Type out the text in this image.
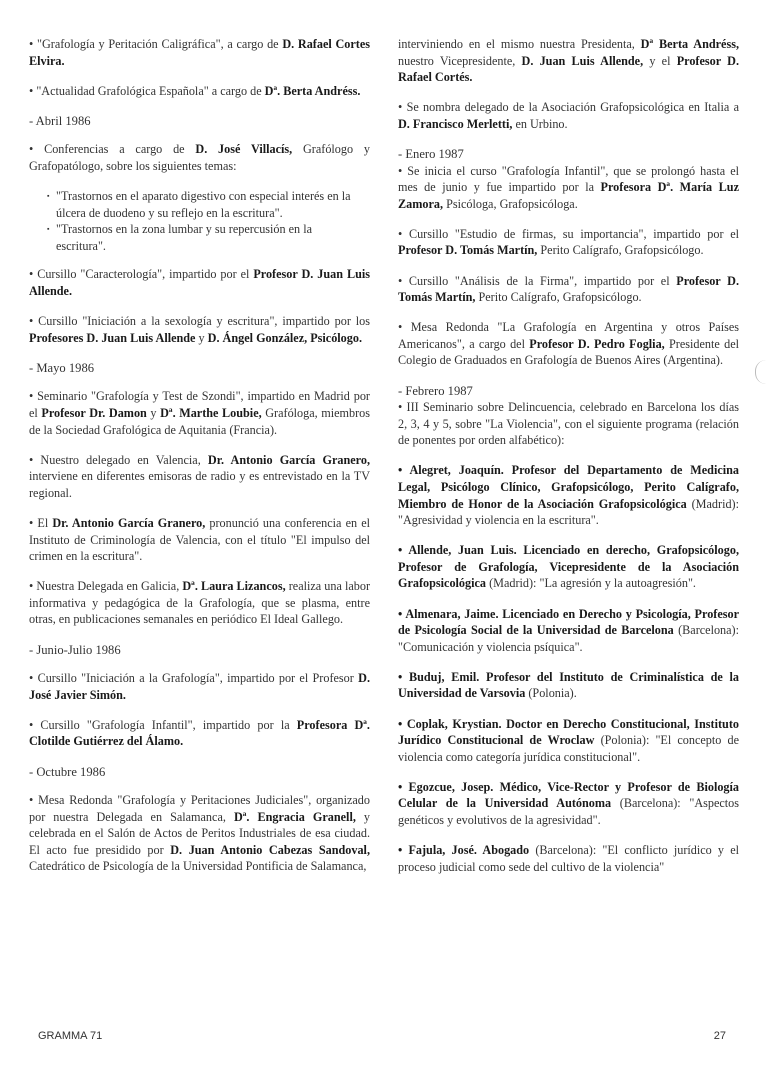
• "Grafología y Peritación Caligráfica", a cargo de D. Rafael Cortes Elvira.
• "Actualidad Grafológica Española" a cargo de Dª. Berta Andréss.
- Abril 1986
• Conferencias a cargo de D. José Villacís, Grafólogo y Grafopatólogo, sobre los siguientes temas:
▪ "Trastornos en el aparato digestivo con especial interés en la úlcera de duodeno y su reflejo en la escritura".
▪ "Trastornos en la zona lumbar y su repercusión en la escritura".
• Cursillo "Caracterología", impartido por el Profesor D. Juan Luis Allende.
• Cursillo "Iniciación a la sexología y escritura", impartido por los Profesores D. Juan Luis Allende y D. Ángel González, Psicólogo.
- Mayo 1986
• Seminario "Grafología y Test de Szondi", impartido en Madrid por el Profesor Dr. Damon y Dª. Marthe Loubie, Grafóloga, miembros de la Sociedad Grafológica de Aquitania (Francia).
• Nuestro delegado en Valencia, Dr. Antonio García Granero, interviene en diferentes emisoras de radio y es entrevistado en la TV regional.
• El Dr. Antonio García Granero, pronunció una conferencia en el Instituto de Criminología de Valencia, con el título "El impulso del crimen en la escritura".
• Nuestra Delegada en Galicia, Dª. Laura Lizancos, realiza una labor informativa y pedagógica de la Grafología, que se plasma, entre otras, en publicaciones semanales en periódico El Ideal Gallego.
- Junio-Julio 1986
• Cursillo "Iniciación a la Grafología", impartido por el Profesor D. José Javier Simón.
• Cursillo "Grafología Infantil", impartido por la Profesora Dª. Clotilde Gutiérrez del Álamo.
- Octubre 1986
• Mesa Redonda "Grafología y Peritaciones Judiciales", organizado por nuestra Delegada en Salamanca, Dª. Engracia Granell, y celebrada en el Salón de Actos de Peritos Industriales de esa ciudad. El acto fue presidido por D. Juan Antonio Cabezas Sandoval, Catedrático de Psicología de la Universidad Pontificia de Salamanca,
interviniendo en el mismo nuestra Presidenta, Dª Berta Andréss, nuestro Vicepresidente, D. Juan Luis Allende, y el Profesor D. Rafael Cortés.
• Se nombra delegado de la Asociación Grafopsicológica en Italia a D. Francisco Merletti, en Urbino.
- Enero 1987
• Se inicia el curso "Grafología Infantil", que se prolongó hasta el mes de junio y fue impartido por la Profesora Dª. María Luz Zamora, Psicóloga, Grafopsicóloga.
• Cursillo "Estudio de firmas, su importancia", impartido por el Profesor D. Tomás Martín, Perito Calígrafo, Grafopsicólogo.
• Cursillo "Análisis de la Firma", impartido por el Profesor D. Tomás Martín, Perito Calígrafo, Grafopsicólogo.
• Mesa Redonda "La Grafología en Argentina y otros Países Americanos", a cargo del Profesor D. Pedro Foglia, Presidente del Colegio de Graduados en Grafología de Buenos Aires (Argentina).
- Febrero 1987
• III Seminario sobre Delincuencia, celebrado en Barcelona los días 2, 3, 4 y 5, sobre "La Violencia", con el siguiente programa (relación de ponentes por orden alfabético):
• Alegret, Joaquín. Profesor del Departamento de Medicina Legal, Psicólogo Clínico, Grafopsicólogo, Perito Calígrafo, Miembro de Honor de la Asociación Grafopsicológica (Madrid): "Agresividad y violencia en la escritura".
• Allende, Juan Luis. Licenciado en derecho, Grafopsicólogo, Profesor de Grafología, Vicepresidente de la Asociación Grafopsicológica (Madrid): "La agresión y la autoagresión".
• Almenara, Jaime. Licenciado en Derecho y Psicología, Profesor de Psicología Social de la Universidad de Barcelona (Barcelona): "Comunicación y violencia psíquica".
• Buduj, Emil. Profesor del Instituto de Criminalística de la Universidad de Varsovia (Polonia).
• Coplak, Krystian. Doctor en Derecho Constitucional, Instituto Jurídico Constitucional de Wroclaw (Polonia): "El concepto de violencia como categoría jurídica constitucional".
• Egozcue, Josep. Médico, Vice-Rector y Profesor de Biología Celular de la Universidad Autónoma (Barcelona): "Aspectos genéticos y evolutivos de la agresividad".
• Fajula, José. Abogado (Barcelona): "El conflicto jurídico y el proceso judicial como sede del cultivo de la violencia"
GRAMMA 71	27
